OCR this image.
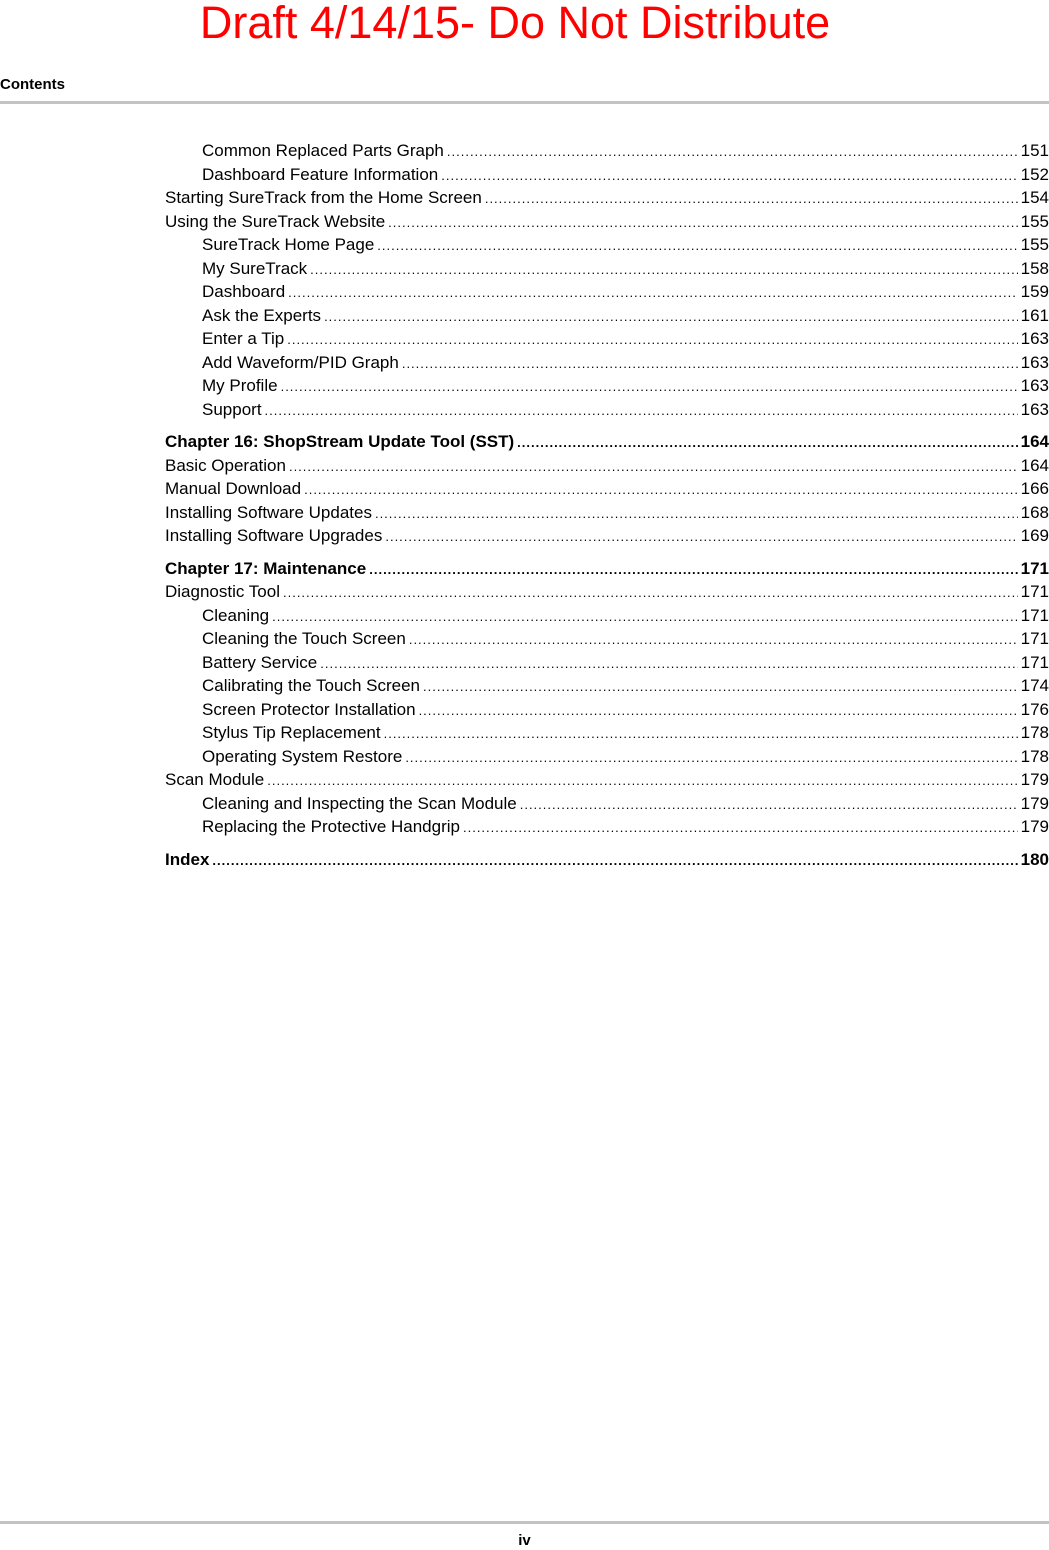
Draft 4/14/15- Do Not Distribute
Contents
Common Replaced Parts Graph .....	151
Dashboard Feature Information .....	152
Starting SureTrack from the Home Screen .....	154
Using the SureTrack Website .....	155
SureTrack Home Page .....	155
My SureTrack .....	158
Dashboard .....	159
Ask the Experts .....	161
Enter a Tip .....	163
Add Waveform/PID Graph .....	163
My Profile .....	163
Support .....	163
Chapter 16: ShopStream Update Tool (SST) .....	164
Basic Operation .....	164
Manual Download .....	166
Installing Software Updates .....	168
Installing Software Upgrades .....	169
Chapter 17: Maintenance .....	171
Diagnostic Tool .....	171
Cleaning .....	171
Cleaning the Touch Screen .....	171
Battery Service .....	171
Calibrating the Touch Screen .....	174
Screen Protector Installation .....	176
Stylus Tip Replacement .....	178
Operating System Restore .....	178
Scan Module .....	179
Cleaning and Inspecting the Scan Module .....	179
Replacing the Protective Handgrip .....	179
Index .....	180
iv
